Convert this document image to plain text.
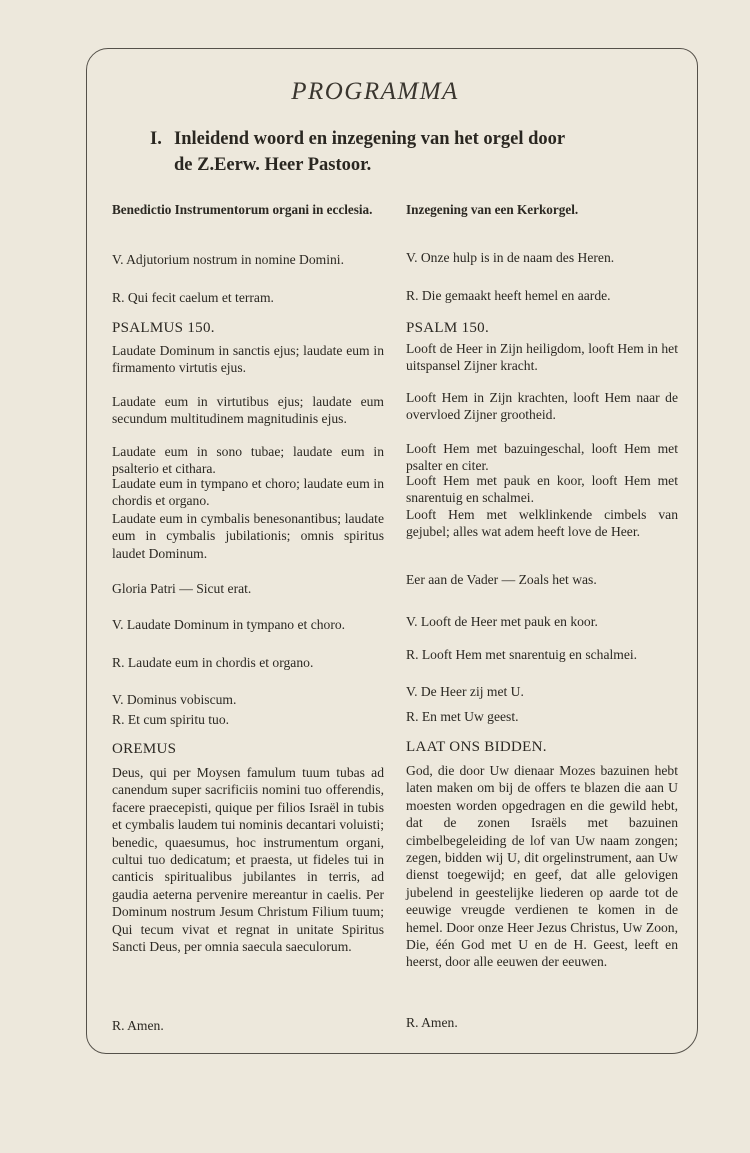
PROGRAMMA
I. Inleidend woord en inzegening van het orgel door
de Z.Eerw. Heer Pastoor.
Benedictio Instrumentorum organi in ecclesia.
V. Adjutorium nostrum in nomine Domini.
R. Qui fecit caelum et terram.
PSALMUS 150.
Laudate Dominum in sanctis ejus; laudate eum in firmamento virtutis ejus.
Laudate eum in virtutibus ejus; laudate eum secundum multitudinem magnitudinis ejus.
Laudate eum in sono tubae; laudate eum in psalterio et cithara.
Laudate eum in tympano et choro; laudate eum in chordis et organo.
Laudate eum in cymbalis benesonantibus; laudate eum in cymbalis jubilationis; omnis spiritus laudet Dominum.
Gloria Patri — Sicut erat.
V. Laudate Dominum in tympano et choro.
R. Laudate eum in chordis et organo.
V. Dominus vobiscum.
R. Et cum spiritu tuo.
OREMUS
Deus, qui per Moysen famulum tuum tubas ad canendum super sacrificiis nomini tuo offerendis, facere praecepisti, quique per filios Israël in tubis et cymbalis laudem tui nominis decantari voluisti; benedic, quaesumus, hoc instrumentum organi, cultui tuo dedicatum; et praesta, ut fideles tui in canticis spiritualibus jubilantes in terris, ad gaudia aeterna pervenire mereantur in caelis. Per Dominum nostrum Jesum Christum Filium tuum; Qui tecum vivat et regnat in unitate Spiritus Sancti Deus, per omnia saecula saeculorum.
R. Amen.
Inzegening van een Kerkorgel.
V. Onze hulp is in de naam des Heren.
R. Die gemaakt heeft hemel en aarde.
PSALM 150.
Looft de Heer in Zijn heiligdom, looft Hem in het uitspansel Zijner kracht.
Looft Hem in Zijn krachten, looft Hem naar de overvloed Zijner grootheid.
Looft Hem met bazuingeschal, looft Hem met psalter en citer.
Looft Hem met pauk en koor, looft Hem met snarentuig en schalmei.
Looft Hem met welklinkende cimbels van gejubel; alles wat adem heeft love de Heer.
Eer aan de Vader — Zoals het was.
V. Looft de Heer met pauk en koor.
R. Looft Hem met snarentuig en schalmei.
V. De Heer zij met U.
R. En met Uw geest.
LAAT ONS BIDDEN.
God, die door Uw dienaar Mozes bazuinen hebt laten maken om bij de offers te blazen die aan U moesten worden opgedragen en die gewild hebt, dat de zonen Israëls met bazuinen cimbelbegeleiding de lof van Uw naam zongen; zegen, bidden wij U, dit orgelinstrument, aan Uw dienst toegewijd; en geef, dat alle gelovigen jubelend in geestelijke liederen op aarde tot de eeuwige vreugde verdienen te komen in de hemel. Door onze Heer Jezus Christus, Uw Zoon, Die, één God met U en de H. Geest, leeft en heerst, door alle eeuwen der eeuwen.
R. Amen.
